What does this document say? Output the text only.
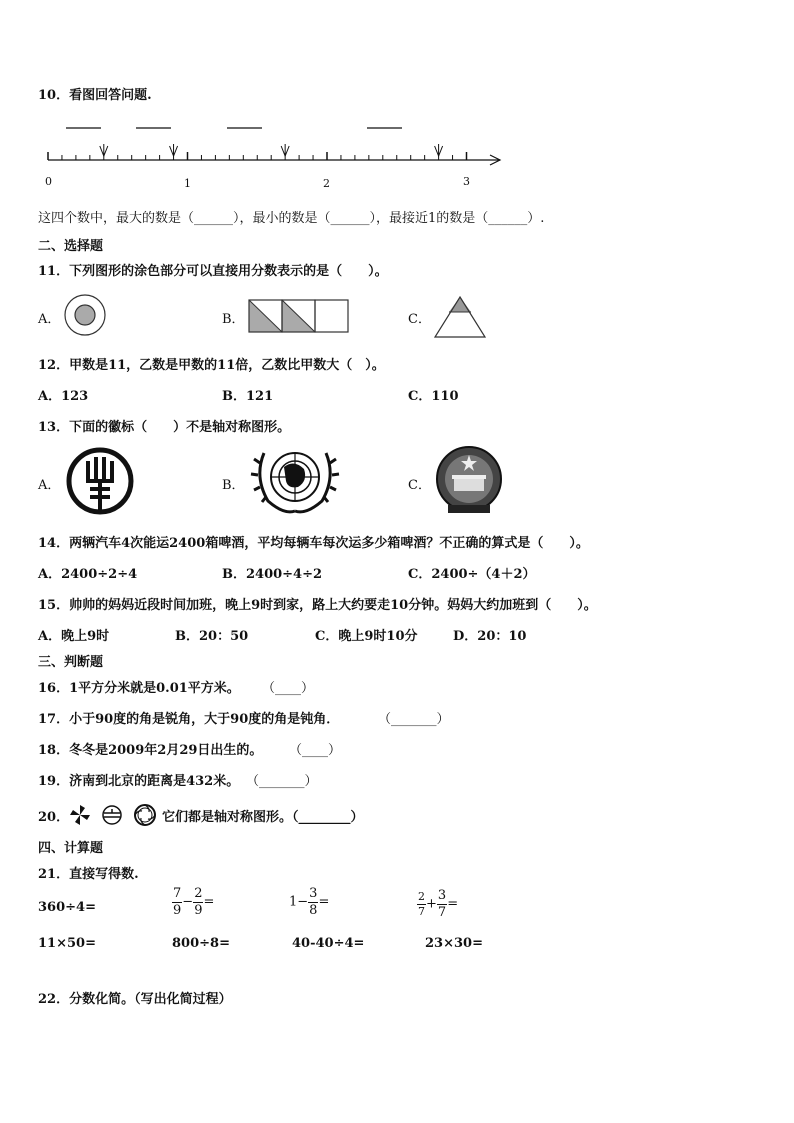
10．看图回答问题.
0	1	2	3
这四个数中，最大的数是（______），最小的数是（______），最接近1的数是（______）.
二、选择题
11．下列图形的涂色部分可以直接用分数表示的是（　　）。
A．	B．	C．
12．甲数是11，乙数是甲数的11倍，乙数比甲数大（　）。
A．123	B．121	C．110
13．下面的徽标（　　）不是轴对称图形。
A．	B．	C．
14．两辆汽车4次能运2400箱啤酒，平均每辆车每次运多少箱啤酒？不正确的算式是（　　）。
A．2400÷2÷4	B．2400÷4÷2	C．2400÷（4＋2）
15．帅帅的妈妈近段时间加班，晚上9时到家，路上大约要走10分钟。妈妈大约加班到（　　）。
A．晚上9时	B．20：50	C．晚上9时10分	D．20：10
三、判断题
16．1平方分米就是0.01平方米。 （____）
17．小于90度的角是锐角，大于90度的角是钝角．	（_______）
18．冬冬是2009年2月29日出生的。 （____）
19．济南到北京的距离是432米。 （_______）
20．	它们都是轴对称图形。（________）
四、计算题
21．直接写得数.
360÷4=	$\frac{7}{9} - \frac{2}{9}$ =	$1- \frac{3}{8}$ =	$\frac{2}{7} + \frac{3}{7}$ =
11×50=	800÷8=	40-40÷4=	23×30=
22．分数化简。（写出化简过程）
